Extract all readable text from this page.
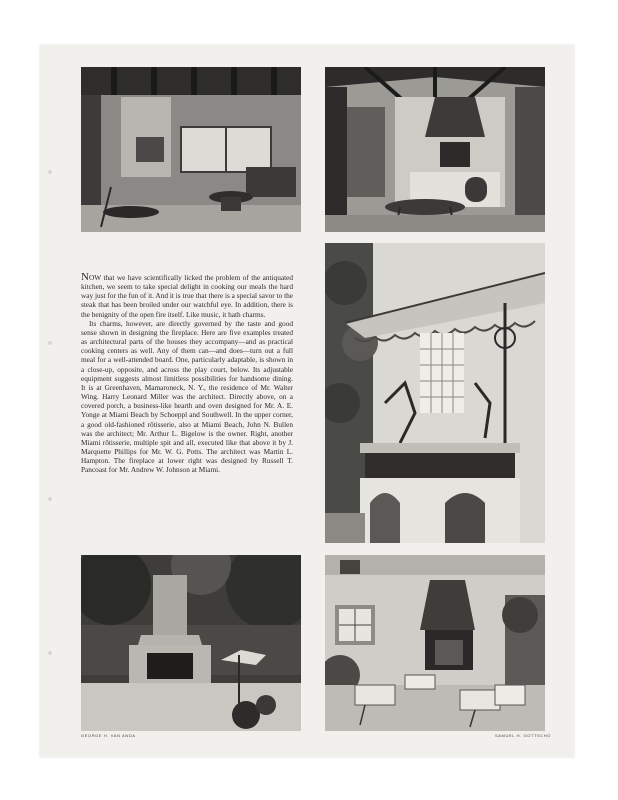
NOW that we have scientifically licked the problem of the antiquated kitchen, we seem to take special delight in cooking our meals the hard way just for the fun of it. And it is true that there is a special savor to the steak that has been broiled under our watchful eye. In addition, there is the benignity of the open fire itself. Like music, it hath charms.

Its charms, however, are directly governed by the taste and good sense shown in designing the fireplace. Here are five examples treated as architectural parts of the houses they accompany—and as practical cooking centers as well. Any of them can—and does—turn out a full meal for a well-attended board. One, particularly adaptable, is shown in a close-up, opposite, and across the play court, below. Its adjustable equipment suggests almost limitless possibilities for handsome dining. It is at Greenhaven, Mamaroneck, N. Y., the residence of Mr. Walter Wing. Harry Leonard Miller was the architect. Directly above, on a covered porch, a business-like hearth and oven designed for Mr. A. E. Yonge at Miami Beach by Schoeppl and Southwell. In the upper corner, a good old-fashioned rôtisserie, also at Miami Beach, John N. Bullen was the architect; Mr. Arthur L. Bigelow is the owner. Right, another Miami rôtisserie, multiple spit and all, executed like that above it by J. Marquette Phillips for Mr. W. G. Potts. The architect was Martin L. Hampton. The fireplace at lower right was designed by Russell T. Pancoast for Mr. Andrew W. Johnson at Miami.

GEORGE H. VAN ANDA	SAMUEL H. GOTTSCHO
